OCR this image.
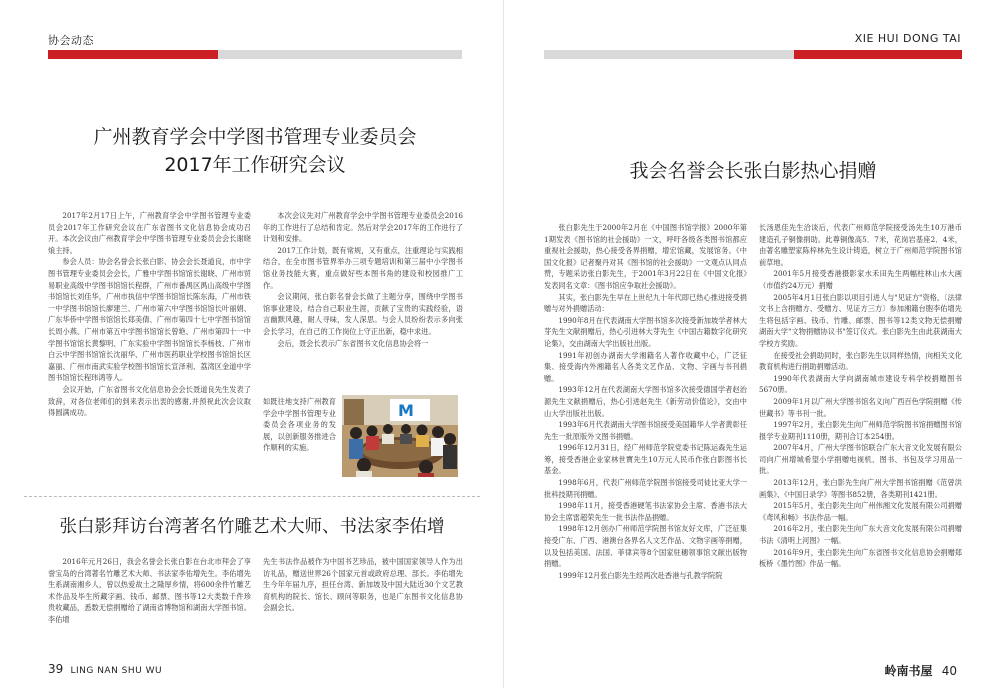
协会动态	XIE HUI DONG TAI
广州教育学会中学图书管理专业委员会
2017年工作研究会议

2017年2月17日上午，广州教育学会中学图书管理专业委员会2017年工作研究会议在广东省图书文化信息协会成功召开。本次会议由广州教育学会中学图书管理专业委员会会长谢晓烺主持。

参会人员：协会名誉会长张白影、协会会长聂道良，市中学图书管理专业委员会会长，广雅中学图书馆馆长谢晓、广州市贸易职业高级中学图书馆馆长程群，广州市番禺区禺山高级中学图书馆馆长刘佳华，广州市执信中学图书馆馆长陈东海，广州市铁一中学图书馆馆长廖建兰、广州市第六中学图书馆馆长叶丽娟、广东华侨中学图书馆馆长郑美倩、广州市第四十七中学图书馆馆长周小燕、广州市第五中学图书馆馆长曾艳、广州市第四十一中学图书馆馆长黄黎明、广东实验中学图书馆馆长李杨枝、广州市白云中学图书馆馆长沈丽华、广州市医药职业学校图书馆馆长区嘉丽、广州市南武实验学校图书馆馆长宣泽利、荔湾区金道中学图书馆馆长程玮鸿等人。

会议开始，广东省图书文化信息协会会长聂道良先生发表了致辞，对各位老师们的到来表示出衷的感谢,并预祝此次会议取得圆满成功。

本次会议先对广州教育学会中学图书管理专业委员会2016年的工作进行了总结和肯定。然后对学会2017年的工作进行了计划和安排。

2017工作计划，既有常规，又有重点，注重理论与实践相结合，在全市图书管界举办三项专题培训和第三届中小学图书馆业务技能大赛，重点做好些本图书角的建设和校园推广工作。

会议期间，张白影名誉会长做了主题分享，围绕中学图书馆事业建设，结合自己职业生涯，贡献了宝贵的实践经验，语言幽默风趣，耐人寻味，发人深思。与会人员纷纷表示多向张会长学习，在自己的工作岗位上守正出新，稳中求进。

会后，聂会长表示广东省图书文化信息协会将一

如既往地支持广州教育学会中学图书管理专业委员会各项业务的发展，以创新服务推进合作顺利的实施。

M
张白影拜访台湾著名竹雕艺术大师、书法家李佑增

2016年元月26日，我会名誉会长张白影在台北市拜会了享誉宝岛的台湾著名竹雕艺术大师、书法家李佑增先生。李佑增先生系湖南湘乡人，曾以热爱故土之隆厚乡情，将600余件竹雕艺术作品及毕生所藏字画、钱币、邮票、图书等12大类数千件珍贵收藏品，悉数无偿捐赠给了湖南省博物馆和湖南大学图书馆。李佑增

先生书法作品被作为中国书艺珍品，被中国国家领导人作为出访礼品，赠送世界26个国家元首或政府总理、部长。李佑增先生今年年届九序，担任台湾、新加坡及中国大陆近30个文艺教育机构的院长、馆长、顾问等职务，也是广东图书文化信息协会副会长。

我会名誉会长张白影热心捐赠

张白影先生于2000年2月在《中国图书馆学报》2000年第1期发表《图书馆的社会援助》一文，呼吁各级各类图书馆都应重视社会援助，热心接受各界捐赠，增宏馆藏，发展馆务。《中国文化报》记者聚丹对其《图书馆的社会援助》一文观点认同点赞，专题采访张白影先生，于2001年3月22日在《中国文化报》发表同名文章：《图书馆应争取社会援助》。

其实，张白影先生早在上世纪九十年代即已热心推进接受捐赠与对外捐赠活动：

1990年8月在代表湖南大学图书馆多次接受新加坡学者林大芽先生文献捐赠后，热心引进林大芽先生《中国古籍数字化研究论集》，交由湖南大学出版社出版。

1991年初创办湖南大学湘籍名人著作收藏中心，广泛征集、接受海内外湘籍名人各类文艺作品、文物、字画与书刊捐赠。

1993年12月在代表湖南大学图书馆多次接受德国学者赵治源先生文献捐赠后，热心引进赵先生《新劳动价值论》，交由中山大学出版社出版。

1993年6月代表湖南大学图书馆接受美国籍华人学者黄彰任先生一批原版外文图书捐赠。

1996年12月31日，经广州师范学院党委书记陈运森先生运筹，接受香港企业家林世寶先生10万元人民币作张白影图书长基金。

1998年6月，代表广州师范学院图书馆接受司徒比亚大学一批科技期刊捐赠。

1998年11月，接受香港硬笔书法家协会主席、香港书法大协会主席雷超荣先生一批书法作品捐赠。

1998年12月创办广州师范学院图书馆友好文库，广泛征集接受广东、广西、港澳台各界名人文艺作品、文物字画等捐赠，以及包括美国、法国、菲律宾等8个国家驻穗领事馆文献出版物捐赠。

1999年12月张白影先生经两次赴香港与孔教学院院

长汤恩佳先生洽谈后，代表广州师范学院接受汤先生10万港币建造孔子铜像捐助。此尊铜像高5．7米，花岗岩基座2．4米，由著名雕塑家陈梓林先生设计铸造，树立于广州师范学院图书馆前草地。

2001年5月接受香港摄影家水禾田先生两幅柱林山水大画（市值约24万元）捐赠

2005年4月1日张白影以项目引进人与"见证方"资格，〔法律文书上含捐赠方、受赠方、见证方三方〕参加湘籍台胞李佑增先生将包括字画、钱币、竹雕、邮票、图书等12类文物无偿捐赠湖南大学"文物捐赠协议书"签订仪式。张白影先生由此获湖南大学校方奖励。

在接受社会捐助同时，张白影先生以同样热情，向相关文化教育机构进行捐助捐赠活动。

1990年代表湖南大学向湖南城市建设专科学校捐赠图书5670册。

2009年1月以广州大学图书馆名义向广西百色学院捐赠《传世藏书》等书刊一批。

1997年2月，张白影先生向广州师范学院图书馆捐赠图书馆报学专业期刊1110册，期刊合订本254册。

2007年4月，广州大学图书馆联合广东大音文化发展有限公司向广州增城希望小学捐赠电视机、图书、书包及学习用品一批。

2013年12月，张白影先生向广州大学图书馆捐赠《范曾洪画集》、《中国日录学》等图书852册，各类期刊1421册。

2015年5月，张白影先生向广州伟湘文化发展有限公司捐赠《鸢风和畅》书法作品一幅。

2016年2月，张白影先生向广东大音文化发展有限公司捐赠书法《清明上河图》一幅。

2016年9月，张白影先生向广东省图书文化信息协会捐赠郑板桥《墨竹图》作品一幅。

39 LING NAN SHU WU	岭南书屋 40
